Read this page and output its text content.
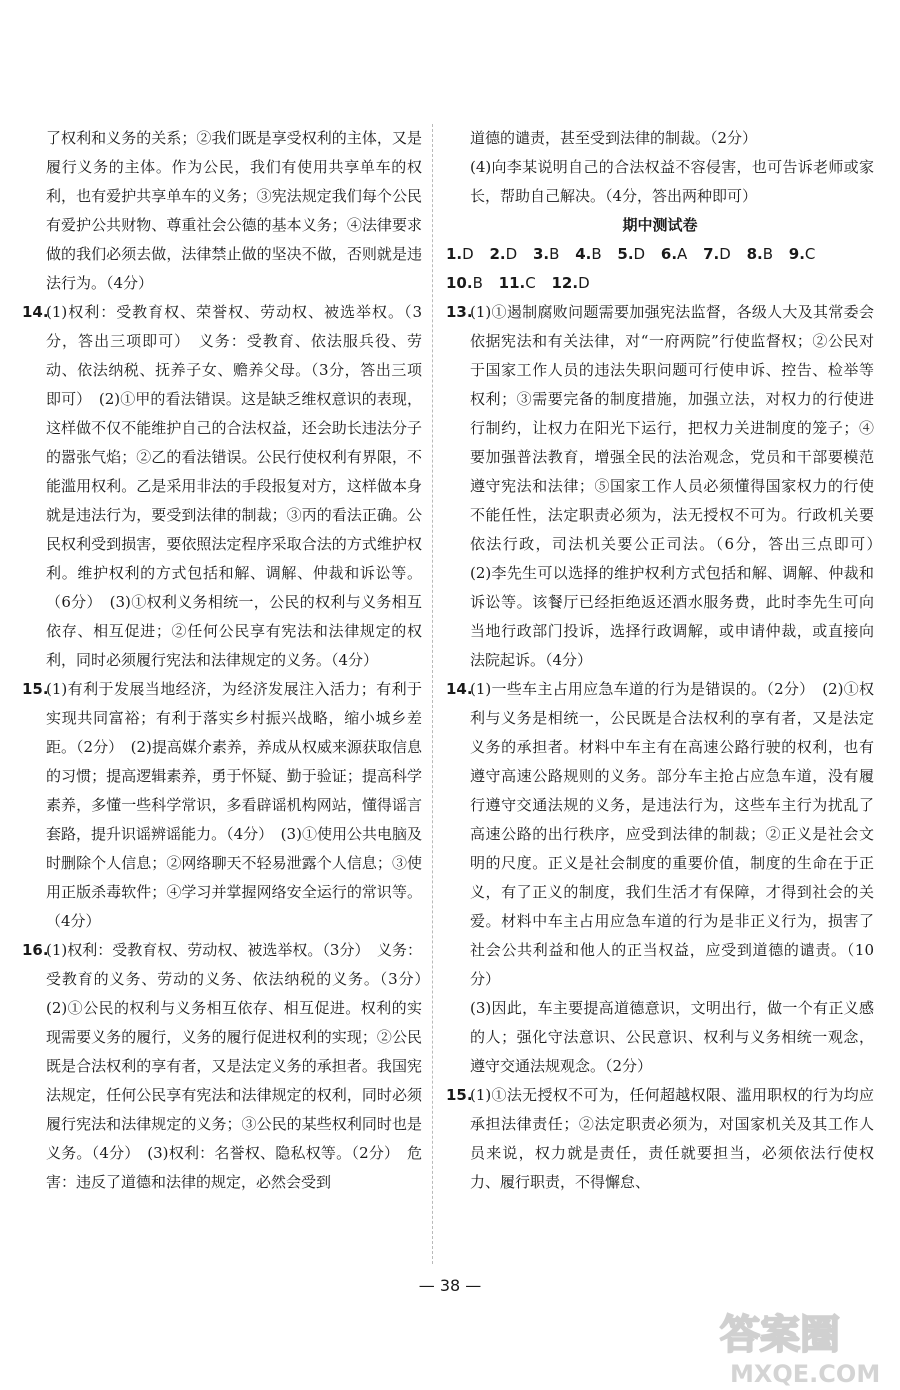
了权利和义务的关系；②我们既是享受权利的主体，又是履行义务的主体。作为公民，我们有使用共享单车的权利，也有爱护共享单车的义务；③宪法规定我们每个公民有爱护公共财物、尊重社会公德的基本义务；④法律要求做的我们必须去做，法律禁止做的坚决不做，否则就是违法行为。（4分）
14.
(1)权利：受教育权、荣誉权、劳动权、被选举权。（3分，答出三项即可）　义务：受教育、依法服兵役、劳动、依法纳税、抚养子女、赡养父母。（3分，答出三项即可）　(2)①甲的看法错误。这是缺乏维权意识的表现，这样做不仅不能维护自己的合法权益，还会助长违法分子的嚣张气焰；②乙的看法错误。公民行使权利有界限，不能滥用权利。乙是采用非法的手段报复对方，这样做本身就是违法行为，要受到法律的制裁；③丙的看法正确。公民权利受到损害，要依照法定程序采取合法的方式维护权利。维护权利的方式包括和解、调解、仲裁和诉讼等。（6分）　(3)①权利义务相统一，公民的权利与义务相互依存、相互促进；②任何公民享有宪法和法律规定的权利，同时必须履行宪法和法律规定的义务。（4分）
15.
(1)有利于发展当地经济，为经济发展注入活力；有利于实现共同富裕；有利于落实乡村振兴战略，缩小城乡差距。（2分）　(2)提高媒介素养，养成从权威来源获取信息的习惯；提高逻辑素养，勇于怀疑、勤于验证；提高科学素养，多懂一些科学常识，多看辟谣机构网站，懂得谣言套路，提升识谣辨谣能力。（4分）　(3)①使用公共电脑及时删除个人信息；②网络聊天不轻易泄露个人信息；③使用正版杀毒软件；④学习并掌握网络安全运行的常识等。（4分）
16.
(1)权利：受教育权、劳动权、被选举权。（3分）　义务：受教育的义务、劳动的义务、依法纳税的义务。（3分）　(2)①公民的权利与义务相互依存、相互促进。权利的实现需要义务的履行，义务的履行促进权利的实现；②公民既是合法权利的享有者，又是法定义务的承担者。我国宪法规定，任何公民享有宪法和法律规定的权利，同时必须履行宪法和法律规定的义务；③公民的某些权利同时也是义务。（4分）　(3)权利：名誉权、隐私权等。（2分）　危害：违反了道德和法律的规定，必然会受到
道德的谴责，甚至受到法律的制裁。（2分）
(4)向李某说明自己的合法权益不容侵害，也可告诉老师或家长，帮助自己解决。（4分，答出两种即可）
期中测试卷
1.D 2.D 3.B 4.B 5.D 6.A 7.D 8.B 9.C
10.B 11.C 12.D
13.
(1)①遏制腐败问题需要加强宪法监督，各级人大及其常委会依据宪法和有关法律，对“一府两院”行使监督权；②公民对于国家工作人员的违法失职问题可行使申诉、控告、检举等权利；③需要完备的制度措施，加强立法，对权力的行使进行制约，让权力在阳光下运行，把权力关进制度的笼子；④要加强普法教育，增强全民的法治观念，党员和干部要模范遵守宪法和法律；⑤国家工作人员必须懂得国家权力的行使不能任性，法定职责必须为，法无授权不可为。行政机关要依法行政，司法机关要公正司法。（6分，答出三点即可）　(2)李先生可以选择的维护权利方式包括和解、调解、仲裁和诉讼等。该餐厅已经拒绝返还酒水服务费，此时李先生可向当地行政部门投诉，选择行政调解，或申请仲裁，或直接向法院起诉。（4分）
14.
(1)一些车主占用应急车道的行为是错误的。（2分）　(2)①权利与义务是相统一，公民既是合法权利的享有者，又是法定义务的承担者。材料中车主有在高速公路行驶的权利，也有遵守高速公路规则的义务。部分车主抢占应急车道，没有履行遵守交通法规的义务，是违法行为，这些车主行为扰乱了高速公路的出行秩序，应受到法律的制裁；②正义是社会文明的尺度。正义是社会制度的重要价值，制度的生命在于正义，有了正义的制度，我们生活才有保障，才得到社会的关爱。材料中车主占用应急车道的行为是非正义行为，损害了社会公共利益和他人的正当权益，应受到道德的谴责。（10分）
(3)因此，车主要提高道德意识，文明出行，做一个有正义感的人；强化守法意识、公民意识、权利与义务相统一观念，遵守交通法规观念。（2分）
15.
(1)①法无授权不可为，任何超越权限、滥用职权的行为均应承担法律责任；②法定职责必须为，对国家机关及其工作人员来说，权力就是责任，责任就要担当，必须依法行使权力、履行职责，不得懈怠、
— 38 —
答案圈
MXQE.COM
